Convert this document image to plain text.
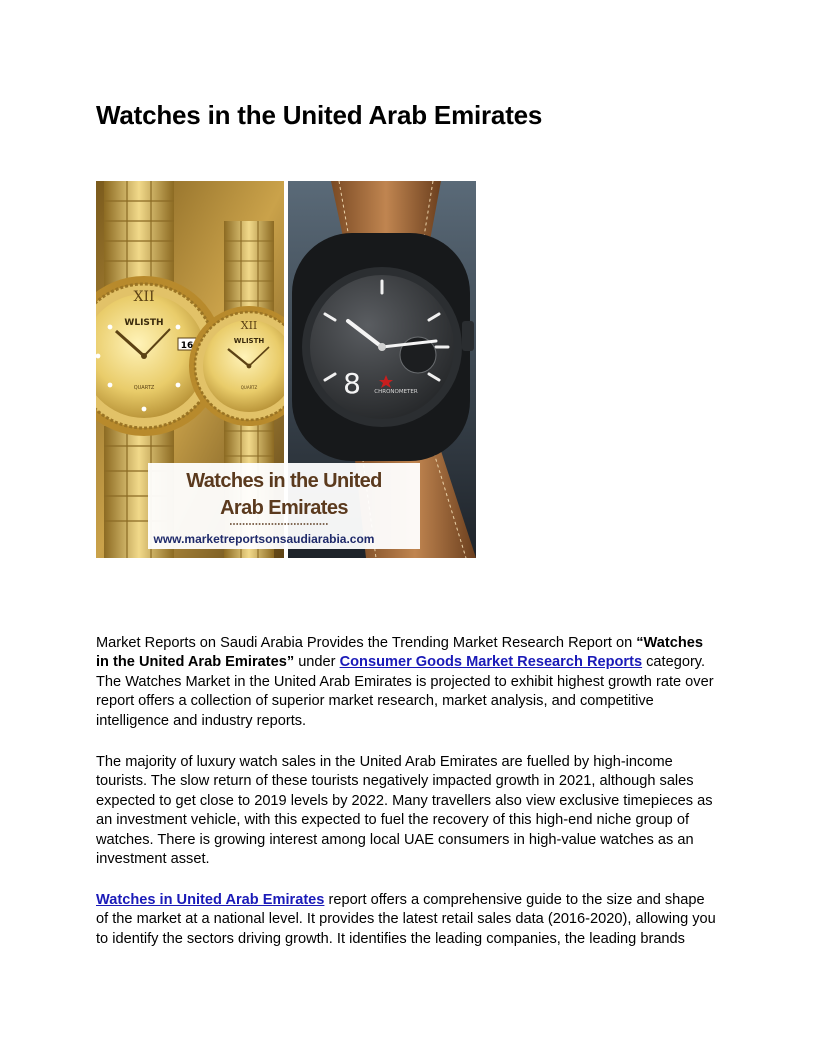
Watches in the United Arab Emirates
XII
WLISTH
16
QUARTZ
XII
WLISTH
QUARTZ	8 CHRONOMETER
Watches in the United
Arab Emirates
www.marketreportsonsaudiarabia.com

Market Reports on Saudi Arabia Provides the Trending Market Research Report on “Watches in the United Arab Emirates” under Consumer Goods Market Research Reports category. The Watches Market in the United Arab Emirates is projected to exhibit highest growth rate over report offers a collection of superior market research, market analysis, and competitive intelligence and industry reports.

The majority of luxury watch sales in the United Arab Emirates are fuelled by high-income tourists. The slow return of these tourists negatively impacted growth in 2021, although sales expected to get close to 2019 levels by 2022. Many travellers also view exclusive timepieces as an investment vehicle, with this expected to fuel the recovery of this high-end niche group of watches. There is growing interest among local UAE consumers in high-value watches as an investment asset.

Watches in United Arab Emirates report offers a comprehensive guide to the size and shape of the market at a national level. It provides the latest retail sales data (2016-2020), allowing you to identify the sectors driving growth. It identifies the leading companies, the leading brands
